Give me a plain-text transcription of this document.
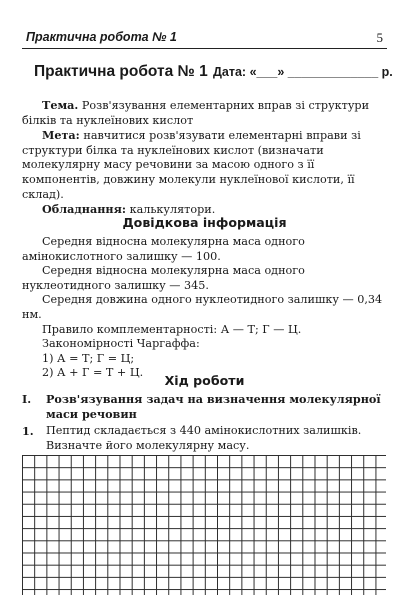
Практична робота № 1	5
Практична робота № 1 Дата: «___» _____________ р.

Тема. Розв'язування елементарних вправ зі структури білків та нуклеїнових кислот

Мета: навчитися розв'язувати елементарні вправи зі структури білка та нуклеїнових кислот (визначати молекулярну масу речовини за масою одного з її компонентів, довжину молекули нуклеїнової кислоти, її склад).

Обладнання: калькулятори.

Довідкова інформація

Середня відносна молекулярна маса одного амінокислотного залишку — 100.

Середня відносна молекулярна маса одного нуклеотидного залишку — 345.

Середня довжина одного нуклеотидного залишку — 0,34 нм.

Правило комплементарності: А — Т; Г — Ц.

Закономірності Чаргаффа:

1) А = Т; Г = Ц;

2) А + Г = Т + Ц.

Хід роботи
I. Розв'язування задач на визначення молекулярної маси речовин
1. Пептид складається з 440 амінокислотних залишків. Визначте його молекулярну масу.
